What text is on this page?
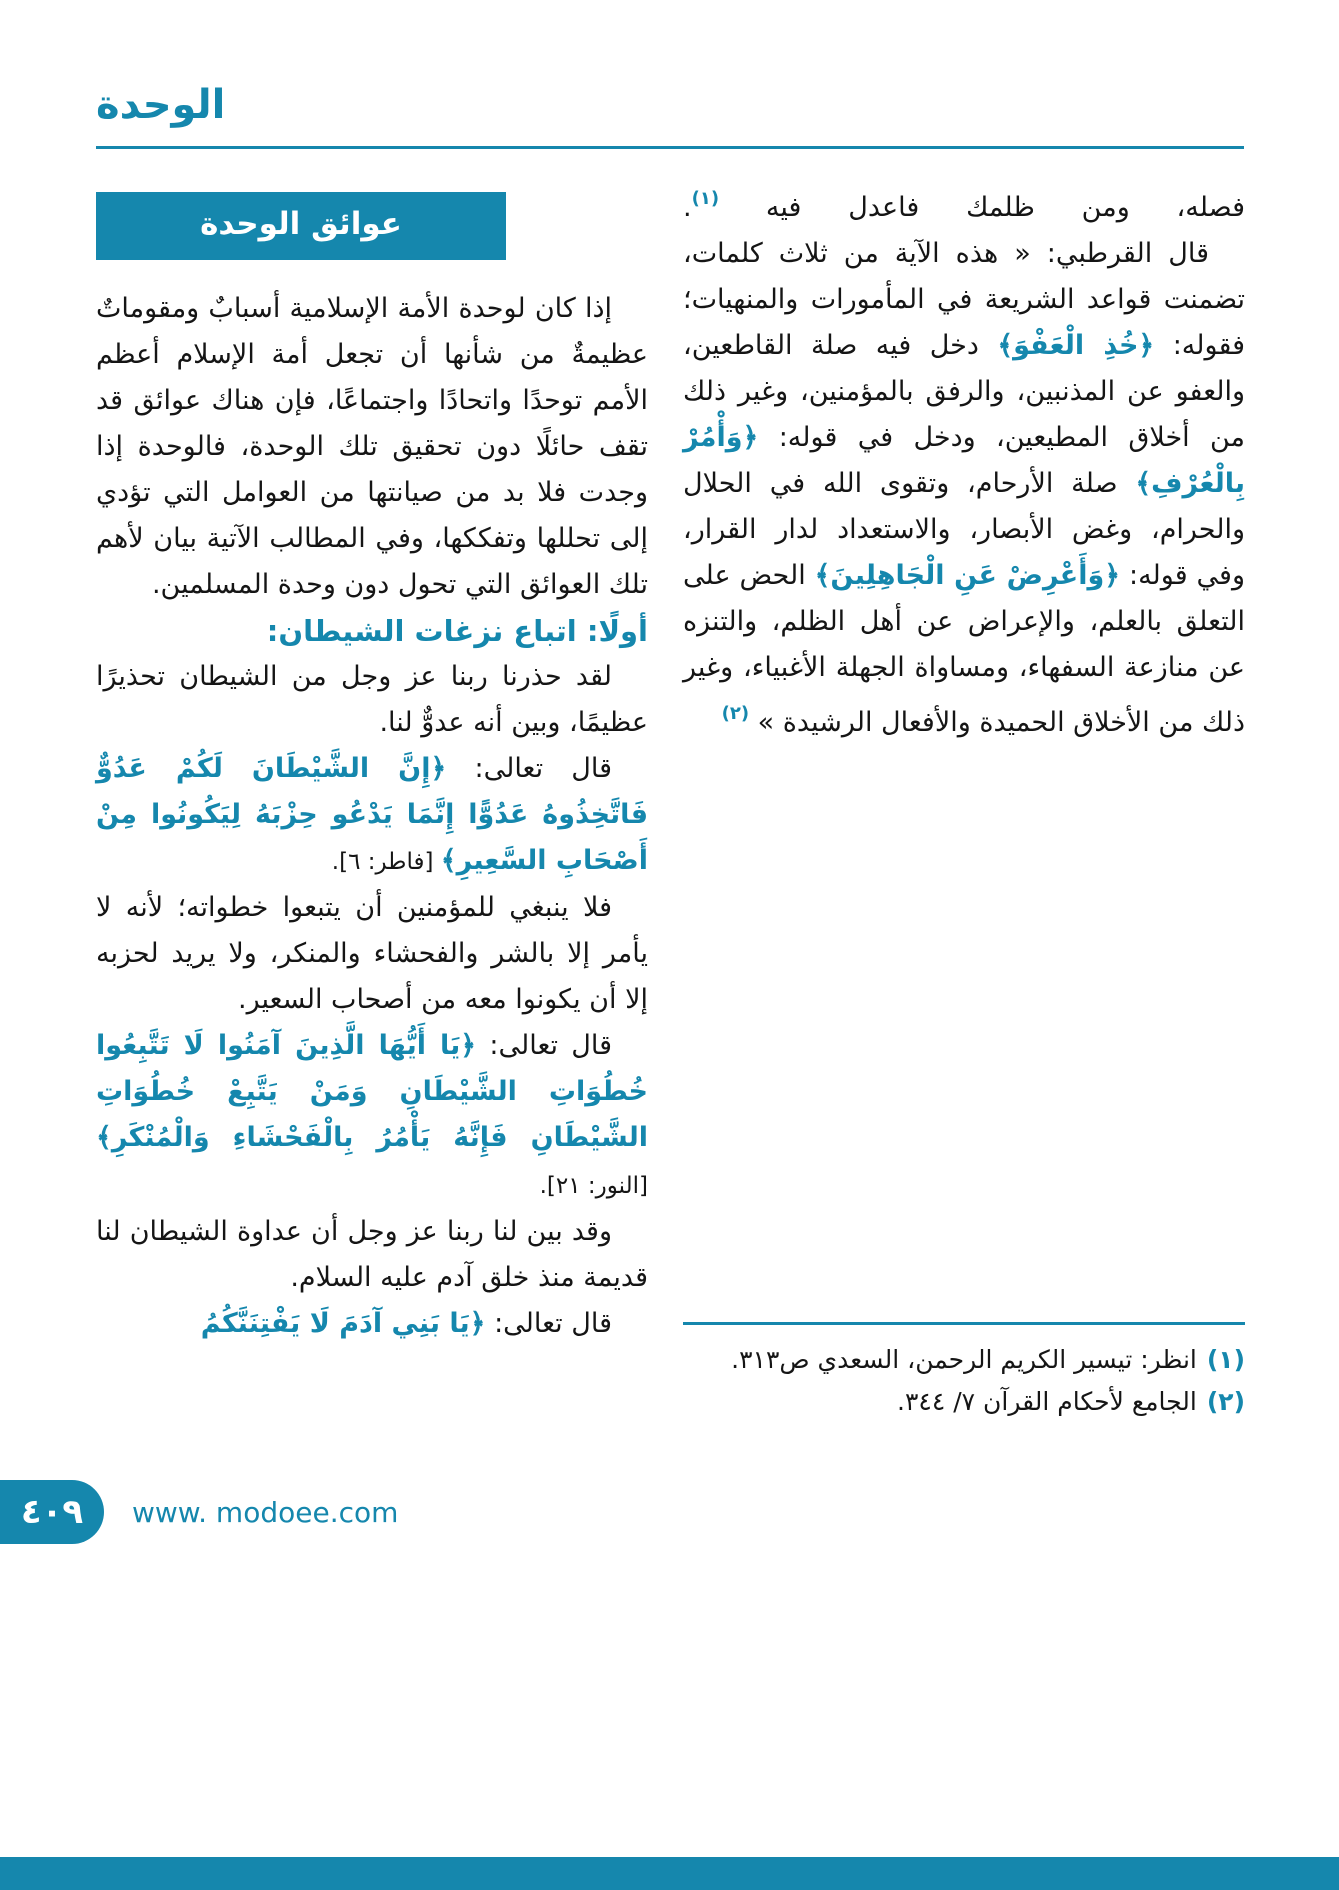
الوحدة

فصله، ومن ظلمك فاعدل فيه $^{(١)}$.

قال القرطبي: « هذه الآية من ثلاث كلمات، تضمنت قواعد الشريعة في المأمورات والمنهيات؛ فقوله: ﴿خُذِ الْعَفْوَ﴾ دخل فيه صلة القاطعين، والعفو عن المذنبين، والرفق بالمؤمنين، وغير ذلك من أخلاق المطيعين، ودخل في قوله: ﴿وَأْمُرْ بِالْعُرْفِ﴾ صلة الأرحام، وتقوى الله في الحلال والحرام، وغض الأبصار، والاستعداد لدار القرار، وفي قوله: ﴿وَأَعْرِضْ عَنِ الْجَاهِلِينَ﴾ الحض على التعلق بالعلم، والإعراض عن أهل الظلم، والتنزه عن منازعة السفهاء، ومساواة الجهلة الأغبياء، وغير ذلك من الأخلاق الحميدة والأفعال الرشيدة » $^{(٢)}$

عوائق الوحدة

إذا كان لوحدة الأمة الإسلامية أسبابٌ ومقوماتٌ عظيمةٌ من شأنها أن تجعل أمة الإسلام أعظم الأمم توحدًا واتحادًا واجتماعًا، فإن هناك عوائق قد تقف حائلًا دون تحقيق تلك الوحدة، فالوحدة إذا وجدت فلا بد من صيانتها من العوامل التي تؤدي إلى تحللها وتفككها، وفي المطالب الآتية بيان لأهم تلك العوائق التي تحول دون وحدة المسلمين.

أولًا: اتباع نزغات الشيطان:

لقد حذرنا ربنا عز وجل من الشيطان تحذيرًا عظيمًا، وبين أنه عدوٌّ لنا.

قال تعالى: ﴿إِنَّ الشَّيْطَانَ لَكُمْ عَدُوٌّ فَاتَّخِذُوهُ عَدُوًّا إِنَّمَا يَدْعُو حِزْبَهُ لِيَكُونُوا مِنْ أَصْحَابِ السَّعِيرِ﴾ [فاطر: ٦].

فلا ينبغي للمؤمنين أن يتبعوا خطواته؛ لأنه لا يأمر إلا بالشر والفحشاء والمنكر، ولا يريد لحزبه إلا أن يكونوا معه من أصحاب السعير.

قال تعالى: ﴿يَا أَيُّهَا الَّذِينَ آمَنُوا لَا تَتَّبِعُوا خُطُوَاتِ الشَّيْطَانِ وَمَنْ يَتَّبِعْ خُطُوَاتِ الشَّيْطَانِ فَإِنَّهُ يَأْمُرُ بِالْفَحْشَاءِ وَالْمُنْكَرِ﴾ [النور: ٢١].

وقد بين لنا ربنا عز وجل أن عداوة الشيطان لنا قديمة منذ خلق آدم عليه السلام.

قال تعالى: ﴿يَا بَنِي آدَمَ لَا يَفْتِنَنَّكُمُ

(١)
انظر: تيسير الكريم الرحمن، السعدي ص٣١٣.
(٢)
الجامع لأحكام القرآن ٧/ ٣٤٤.
٤٠٩ www. modoee.com
